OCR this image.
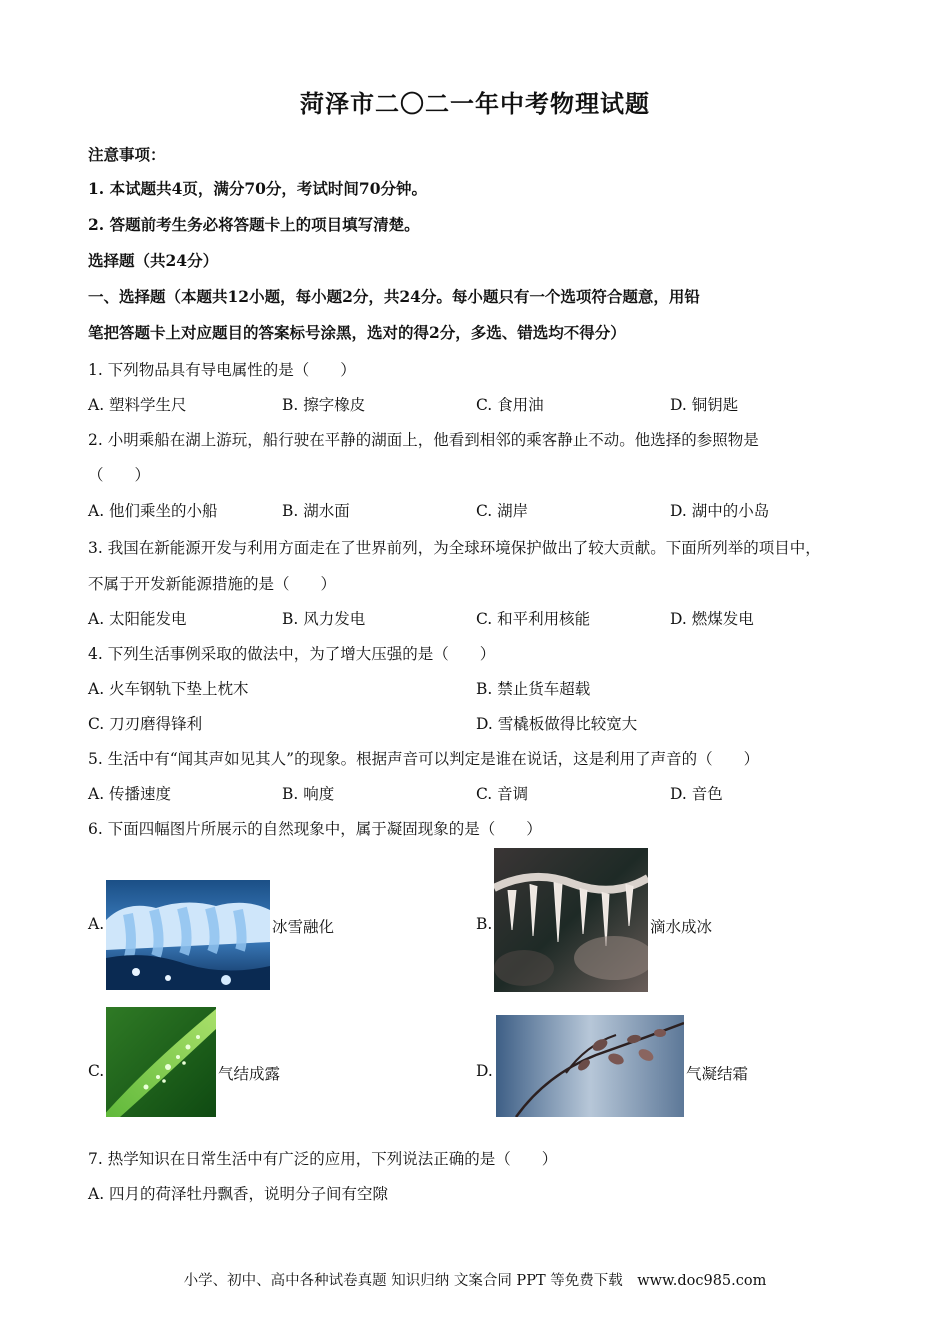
菏泽市二〇二一年中考物理试题
注意事项：
1. 本试题共4页，满分70分，考试时间70分钟。
2. 答题前考生务必将答题卡上的项目填写清楚。
选择题（共24分）
一、选择题（本题共12小题，每小题2分，共24分。每小题只有一个选项符合题意，用铅
笔把答题卡上对应题目的答案标号涂黑，选对的得2分，多选、错选均不得分）
1. 下列物品具有导电属性的是（　　）
A. 塑料学生尺	B. 擦字橡皮	C. 食用油	D. 铜钥匙
2. 小明乘船在湖上游玩，船行驶在平静的湖面上，他看到相邻的乘客静止不动。他选择的参照物是
（　　）
A. 他们乘坐的小船	B. 湖水面	C. 湖岸	D. 湖中的小岛
3. 我国在新能源开发与利用方面走在了世界前列，为全球环境保护做出了较大贡献。下面所列举的项目中，
不属于开发新能源措施的是（　　）
A. 太阳能发电	B. 风力发电	C. 和平利用核能	D. 燃煤发电
4. 下列生活事例采取的做法中，为了增大压强的是（　　）
A. 火车钢轨下垫上枕木	B. 禁止货车超载
C. 刀刃磨得锋利	D. 雪橇板做得比较宽大
5. 生活中有“闻其声如见其人”的现象。根据声音可以判定是谁在说话，这是利用了声音的（　　）
A. 传播速度	B. 响度	C. 音调	D. 音色
6. 下面四幅图片所展示的自然现象中，属于凝固现象的是（　　）
A.	冰雪融化	B.	滴水成冰
C.	气结成露	D.	气凝结霜
7. 热学知识在日常生活中有广泛的应用，下列说法正确的是（　　）
A. 四月的荷泽牡丹飘香，说明分子间有空隙
小学、初中、高中各种试卷真题 知识归纳 文案合同 PPT 等免费下载　www.doc985.com
